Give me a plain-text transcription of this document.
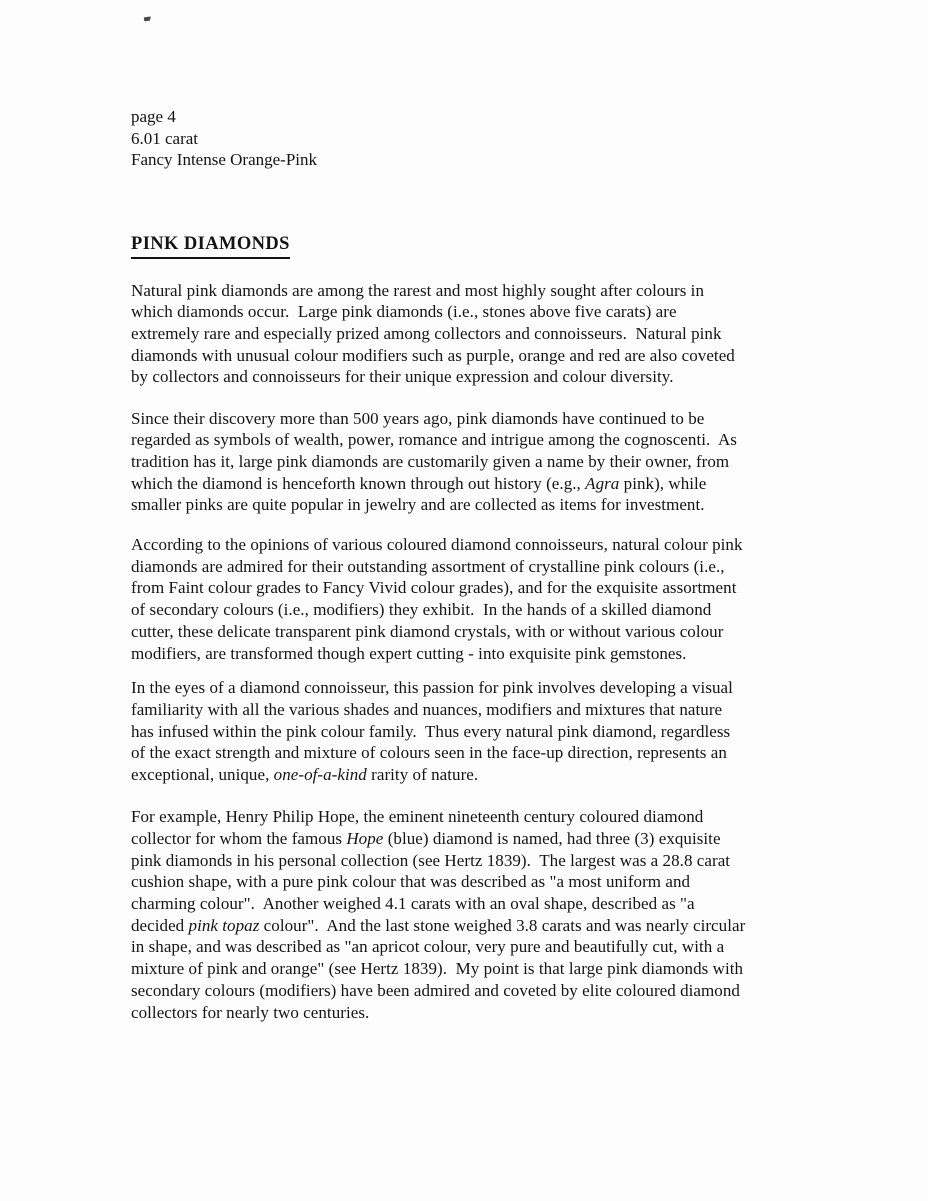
page 4
6.01 carat
Fancy Intense Orange-Pink
PINK DIAMONDS

Natural pink diamonds are among the rarest and most highly sought after colours in
which diamonds occur.  Large pink diamonds (i.e., stones above five carats) are
extremely rare and especially prized among collectors and connoisseurs.  Natural pink
diamonds with unusual colour modifiers such as purple, orange and red are also coveted
by collectors and connoisseurs for their unique expression and colour diversity.

Since their discovery more than 500 years ago, pink diamonds have continued to be
regarded as symbols of wealth, power, romance and intrigue among the cognoscenti.  As
tradition has it, large pink diamonds are customarily given a name by their owner, from
which the diamond is henceforth known through out history (e.g., Agra pink), while
smaller pinks are quite popular in jewelry and are collected as items for investment.

According to the opinions of various coloured diamond connoisseurs, natural colour pink
diamonds are admired for their outstanding assortment of crystalline pink colours (i.e.,
from Faint colour grades to Fancy Vivid colour grades), and for the exquisite assortment
of secondary colours (i.e., modifiers) they exhibit.  In the hands of a skilled diamond
cutter, these delicate transparent pink diamond crystals, with or without various colour
modifiers, are transformed though expert cutting - into exquisite pink gemstones.

In the eyes of a diamond connoisseur, this passion for pink involves developing a visual
familiarity with all the various shades and nuances, modifiers and mixtures that nature
has infused within the pink colour family.  Thus every natural pink diamond, regardless
of the exact strength and mixture of colours seen in the face-up direction, represents an
exceptional, unique, one-of-a-kind rarity of nature.

For example, Henry Philip Hope, the eminent nineteenth century coloured diamond
collector for whom the famous Hope (blue) diamond is named, had three (3) exquisite
pink diamonds in his personal collection (see Hertz 1839).  The largest was a 28.8 carat
cushion shape, with a pure pink colour that was described as "a most uniform and
charming colour".  Another weighed 4.1 carats with an oval shape, described as "a
decided pink topaz colour".  And the last stone weighed 3.8 carats and was nearly circular
in shape, and was described as "an apricot colour, very pure and beautifully cut, with a
mixture of pink and orange" (see Hertz 1839).  My point is that large pink diamonds with
secondary colours (modifiers) have been admired and coveted by elite coloured diamond
collectors for nearly two centuries.
